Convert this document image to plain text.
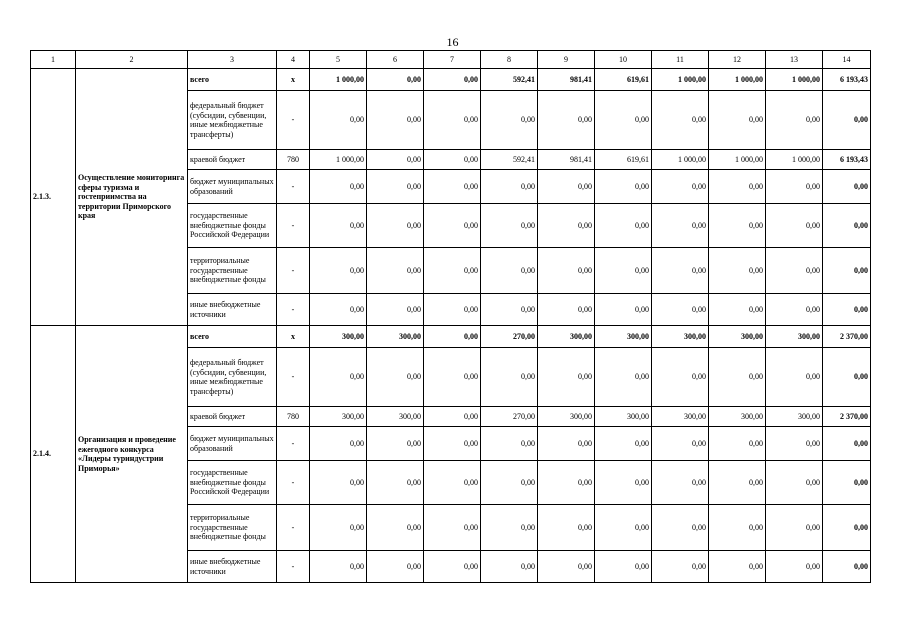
16
1	2	3	4	5	6	7	8	9	10	11	12	13	14
2.1.3.	Осуществление мониторинга сферы туризма и гостеприимства на территории Приморского края	всего	x	1 000,00	0,00	0,00	592,41	981,41	619,61	1 000,00	1 000,00	1 000,00	6 193,43
		федеральный бюджет (субсидии, субвенции, иные межбюджетные трансферты)	-	0,00	0,00	0,00	0,00	0,00	0,00	0,00	0,00	0,00	0,00
		краевой бюджет	780	1 000,00	0,00	0,00	592,41	981,41	619,61	1 000,00	1 000,00	1 000,00	6 193,43
		бюджет муниципальных образований	-	0,00	0,00	0,00	0,00	0,00	0,00	0,00	0,00	0,00	0,00
		государственные внебюджетные фонды Российской Федерации	-	0,00	0,00	0,00	0,00	0,00	0,00	0,00	0,00	0,00	0,00
		территориальные государственные внебюджетные фонды	-	0,00	0,00	0,00	0,00	0,00	0,00	0,00	0,00	0,00	0,00
		иные внебюджетные источники	-	0,00	0,00	0,00	0,00	0,00	0,00	0,00	0,00	0,00	0,00
2.1.4.	Организация и проведение ежегодного конкурса «Лидеры туриндустрии Приморья»	всего	x	300,00	300,00	0,00	270,00	300,00	300,00	300,00	300,00	300,00	2 370,00
		федеральный бюджет (субсидии, субвенции, иные межбюджетные трансферты)	-	0,00	0,00	0,00	0,00	0,00	0,00	0,00	0,00	0,00	0,00
		краевой бюджет	780	300,00	300,00	0,00	270,00	300,00	300,00	300,00	300,00	300,00	2 370,00
		бюджет муниципальных образований	-	0,00	0,00	0,00	0,00	0,00	0,00	0,00	0,00	0,00	0,00
		государственные внебюджетные фонды Российской Федерации	-	0,00	0,00	0,00	0,00	0,00	0,00	0,00	0,00	0,00	0,00
		территориальные государственные внебюджетные фонды	-	0,00	0,00	0,00	0,00	0,00	0,00	0,00	0,00	0,00	0,00
		иные внебюджетные источники	-	0,00	0,00	0,00	0,00	0,00	0,00	0,00	0,00	0,00	0,00
